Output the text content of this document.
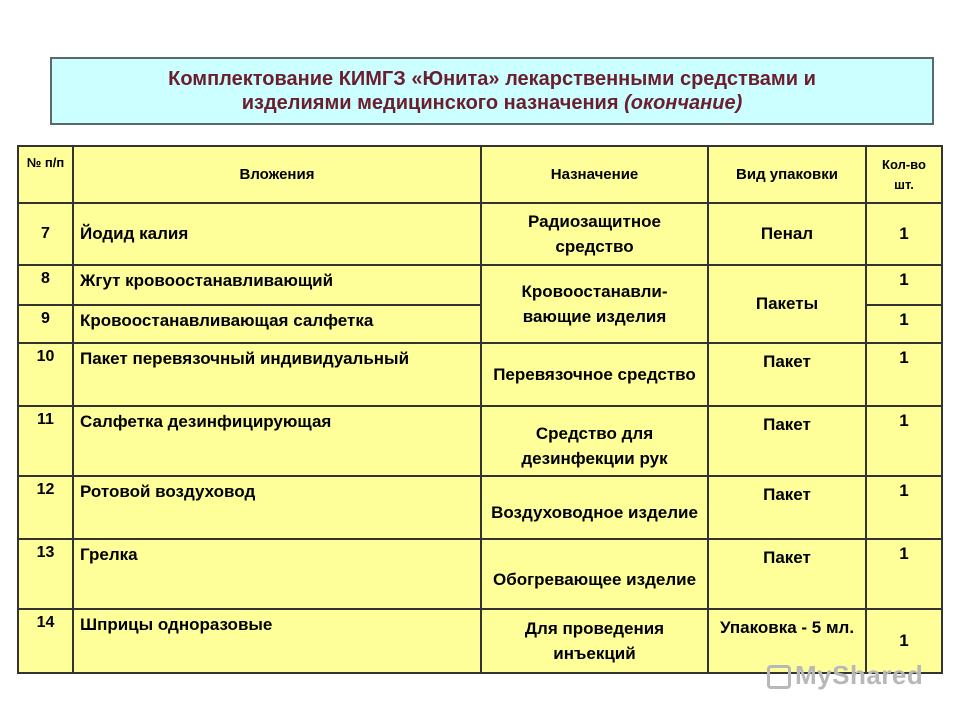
Комплектование КИМГЗ «Юнита» лекарственными средствами и
изделиями медицинского назначения (окончание)
№ п/п	Вложения	Назначение	Вид упаковки	Кол-во шт.
7	Йодид калия	Радиозащитное средство	Пенал	1
8	Жгут кровоостанавливающий	Кровоостанавли-вающие изделия	Пакеты	1
9	Кровоостанавливающая салфетка			1
10	Пакет перевязочный индивидуальный	Перевязочное средство	Пакет	1
11	Салфетка дезинфицирующая	Средство для дезинфекции рук	Пакет	1
12	Ротовой воздуховод	Воздуховодное изделие	Пакет	1
13	Грелка	Обогревающее изделие	Пакет	1
14	Шприцы одноразовые	Для проведения инъекций	Упаковка - 5 мл.	1
MyShared
